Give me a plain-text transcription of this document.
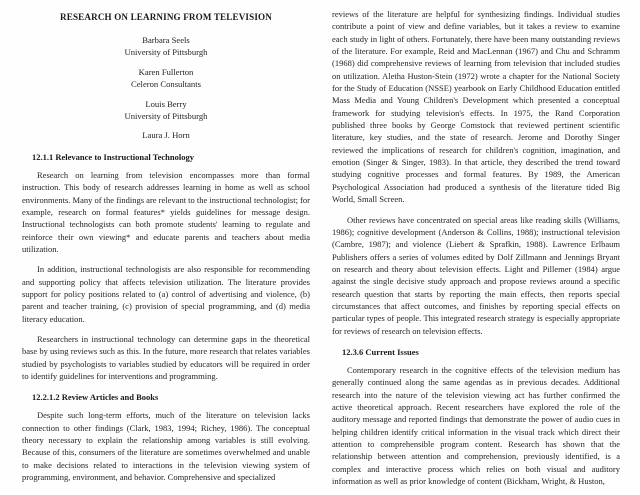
RESEARCH ON LEARNING FROM TELEVISION
Barbara Seels
University of Pittsburgh
Karen Fullerton
Celeron Consultants
Louis Berry
University of Pittsburgh
Laura J. Horn
12.1.1 Relevance to Instructional Technology

Research on learning from television encompasses more than formal instruction. This body of research addresses learning in home as well as school environments. Many of the findings are relevant to the instructional technologist; for example, research on formal features* yields guidelines for message design. Instructional technologists can both promote students' learning to regulate and reinforce their own viewing* and educate parents and teachers about media utilization.

In addition, instructional technologists are also responsible for recommending and supporting policy that affects television utilization. The literature provides support for policy positions related to (a) control of advertising and violence, (b) parent and teacher training, (c) provision of special programming, and (d) media literacy education.

Researchers in instructional technology can determine gaps in the theoretical base by using reviews such as this. In the future, more research that relates variables studied by psychologists to variables studied by educators will be required in order to identify guidelines for interventions and programming.

12.2.1.2 Review Articles and Books

Despite such long-term efforts, much of the literature on television lacks connection to other findings (Clark, 1983, 1994; Richey, 1986). The conceptual theory necessary to explain the relationship among variables is still evolving. Because of this, consumers of the literature are sometimes overwhelmed and unable to make decisions related to interactions in the television viewing system of programming, environment, and behavior. Comprehensive and specialized

reviews of the literature are helpful for synthesizing findings. Individual studies contribute a point of view and define variables, but it takes a review to examine each study in light of others. Fortunately, there have been many outstanding reviews of the literature. For example, Reid and MacLennan (1967) and Chu and Schramm (1968) did comprehensive reviews of learning from television that included studies on utilization. Aletha Huston-Stein (1972) wrote a chapter for the National Society for the Study of Education (NSSE) yearbook on Early Childhood Education entitled Mass Media and Young Children's Development which presented a conceptual framework for studying television's effects. In 1975, the Rand Corporation published three books by George Comstock that reviewed pertinent scientific literature, key studies, and the state of research. Jerome and Dorothy Singer reviewed the implications of research for children's cognition, imagination, and emotion (Singer & Singer, 1983). In that article, they described the trend toward studying cognitive processes and formal features. By 1989, the American Psychological Association had produced a synthesis of the literature tided Big World, Small Screen.

Other reviews have concentrated on special areas like reading skills (Williams, 1986); cognitive development (Anderson & Collins, 1988); instructional television (Cambre, 1987); and violence (Liebert & Sprafkin, 1988). Lawrence Erlbaum Publishers offers a series of volumes edited by Dolf Zillmann and Jennings Bryant on research and theory about television effects. Light and Pillemer (1984) argue against the single decisive study approach and propose reviews around a specific research question that starts by reporting the main effects, then reports special circumstances that affect outcomes, and finishes by reporting special effects on particular types of people. This integrated research strategy is especially appropriate for reviews of research on television effects.

12.3.6 Current Issues

Contemporary research in the cognitive effects of the television medium has generally continued along the same agendas as in previous decades. Additional research into the nature of the television viewing act has further confirmed the active theoretical approach. Recent researchers have explored the role of the auditory message and reported findings that demonstrate the power of audio cues in helping children identify critical information in the visual track which direct their attention to comprehensible program content. Research has shown that the relationship between attention and comprehension, previously identified, is a complex and interactive process which relies on both visual and auditory information as well as prior knowledge of content (Bickham, Wright, & Huston,
